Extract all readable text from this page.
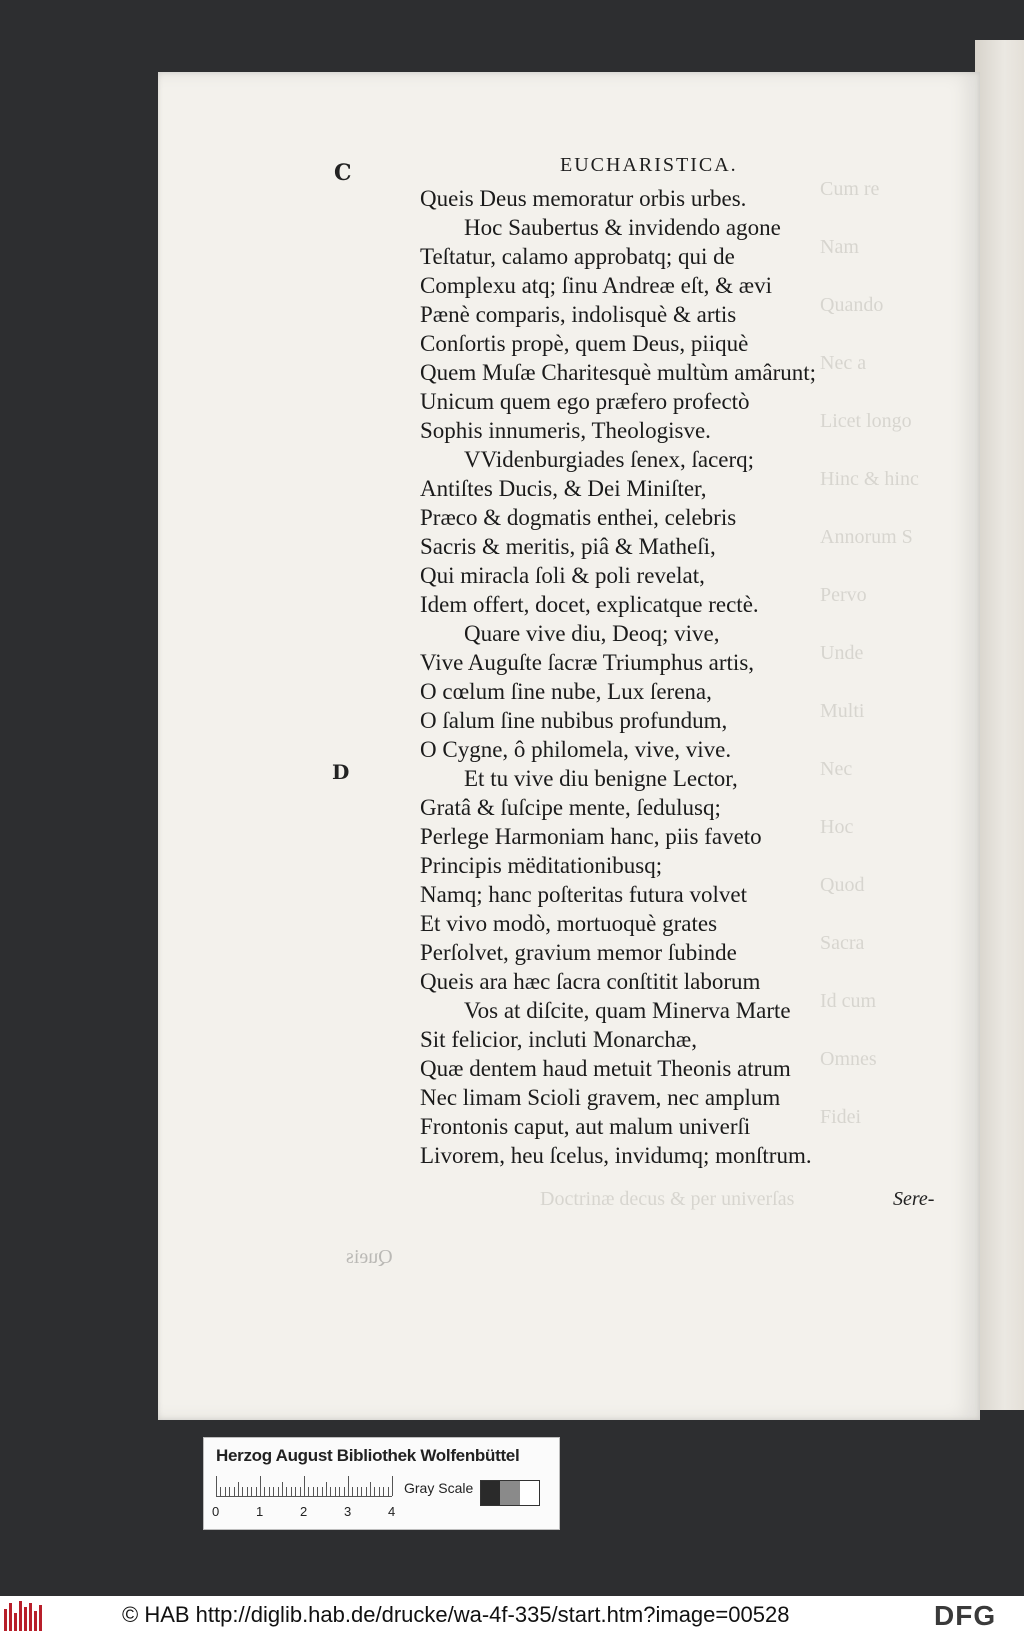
Cum re
Nam
Quando
Nec a
Licet longo
Hinc & hinc
Annorum S
Pervo
Unde
Multi
Nec
Hoc
Quod
Sacra
Id cum
Omnes
Fidei
Doctrinæ decus & per univerſas
C	EUCHARISTICA.
Queis Deus memoratur orbis urbes.
Hoc Saubertus & invidendo agone
Teſtatur, calamo approbatq; qui de
Complexu atq; ſinu Andreæ eſt, & ævi
Pænè comparis, indolisquè & artis
Conſortis propè, quem Deus, piiquè
Quem Muſæ Charitesquè multùm amârunt;
Unicum quem ego præfero profectò
Sophis innumeris, Theologisve.
VVidenburgiades ſenex, ſacerq;
Antiſtes Ducis, & Dei Miniſter,
Præco & dogmatis enthei, celebris
Sacris & meritis, piâ & Matheſi,
Qui miracla ſoli & poli revelat,
Idem offert, docet, explicatque rectè.
Quare vive diu, Deoq; vive,
Vive Auguſte ſacræ Triumphus artis,
O cœlum ſine nube, Lux ſerena,
O ſalum ſine nubibus profundum,
O Cygne, ô philomela, vive, vive.
Et tu vive diu benigne Lector,
Gratâ & ſuſcipe mente, ſedulusq;
Perlege Harmoniam hanc, piis faveto
Principis mëditationibusq;
Namq; hanc poſteritas futura volvet
Et vivo modò, mortuoquè grates
Perſolvet, gravium memor ſubinde
Queis ara hæc ſacra conſtitit laborum
Vos at diſcite, quam Minerva Marte
Sit felicior, incluti Monarchæ,
Quæ dentem haud metuit Theonis atrum
Nec limam Scioli gravem, nec amplum
Frontonis caput, aut malum univerſi
Livorem, heu ſcelus, invidumq; monſtrum.
D
Sere-
Queis
Herzog August Bibliothek Wolfenbüttel
0	1	2	3	4
Gray Scale
© HAB http://diglib.hab.de/drucke/wa-4f-335/start.htm?image=00528	DFG
